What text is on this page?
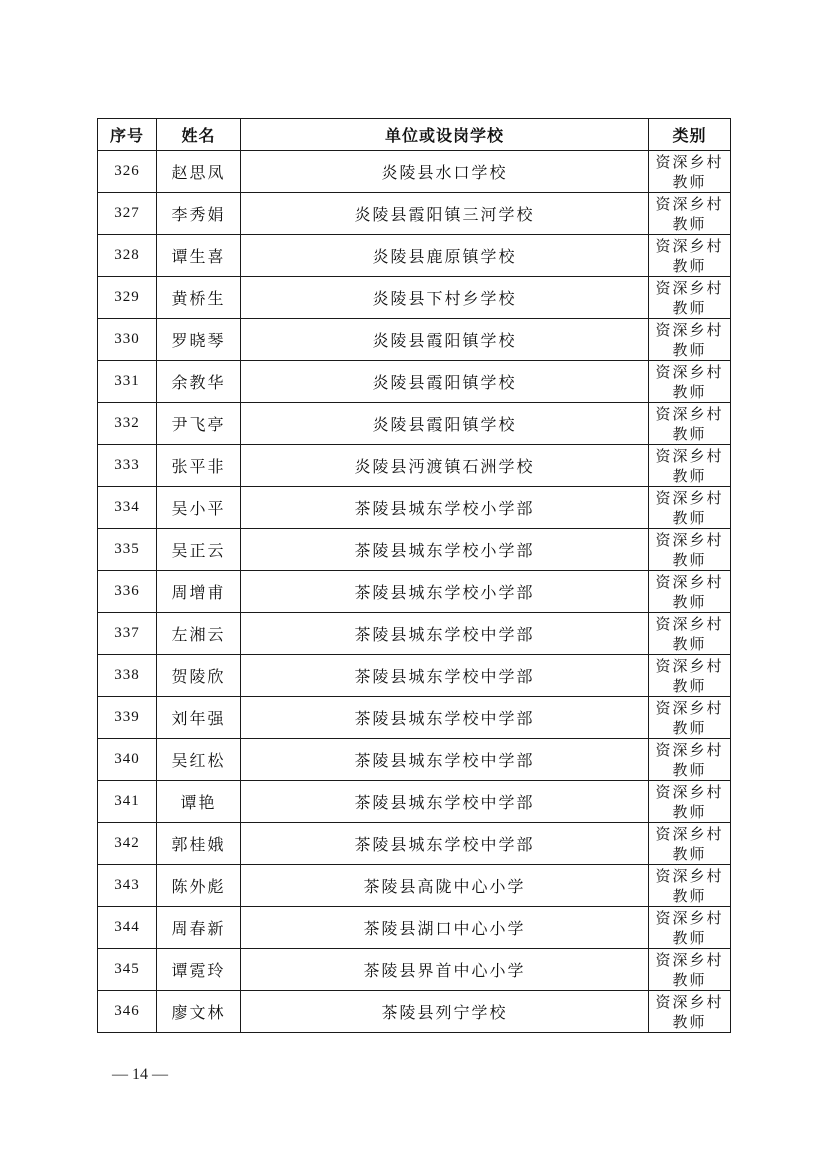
序号	姓名	单位或设岗学校	类别
326	赵思凤	炎陵县水口学校	资深乡村教师
327	李秀娟	炎陵县霞阳镇三河学校	资深乡村教师
328	谭生喜	炎陵县鹿原镇学校	资深乡村教师
329	黄桥生	炎陵县下村乡学校	资深乡村教师
330	罗晓琴	炎陵县霞阳镇学校	资深乡村教师
331	余教华	炎陵县霞阳镇学校	资深乡村教师
332	尹飞亭	炎陵县霞阳镇学校	资深乡村教师
333	张平非	炎陵县沔渡镇石洲学校	资深乡村教师
334	吴小平	茶陵县城东学校小学部	资深乡村教师
335	吴正云	茶陵县城东学校小学部	资深乡村教师
336	周增甫	茶陵县城东学校小学部	资深乡村教师
337	左湘云	茶陵县城东学校中学部	资深乡村教师
338	贺陵欣	茶陵县城东学校中学部	资深乡村教师
339	刘年强	茶陵县城东学校中学部	资深乡村教师
340	吴红松	茶陵县城东学校中学部	资深乡村教师
341	谭艳	茶陵县城东学校中学部	资深乡村教师
342	郭桂娥	茶陵县城东学校中学部	资深乡村教师
343	陈外彪	茶陵县高陇中心小学	资深乡村教师
344	周春新	茶陵县湖口中心小学	资深乡村教师
345	谭霓玲	茶陵县界首中心小学	资深乡村教师
346	廖文林	茶陵县列宁学校	资深乡村教师
— 14 —
